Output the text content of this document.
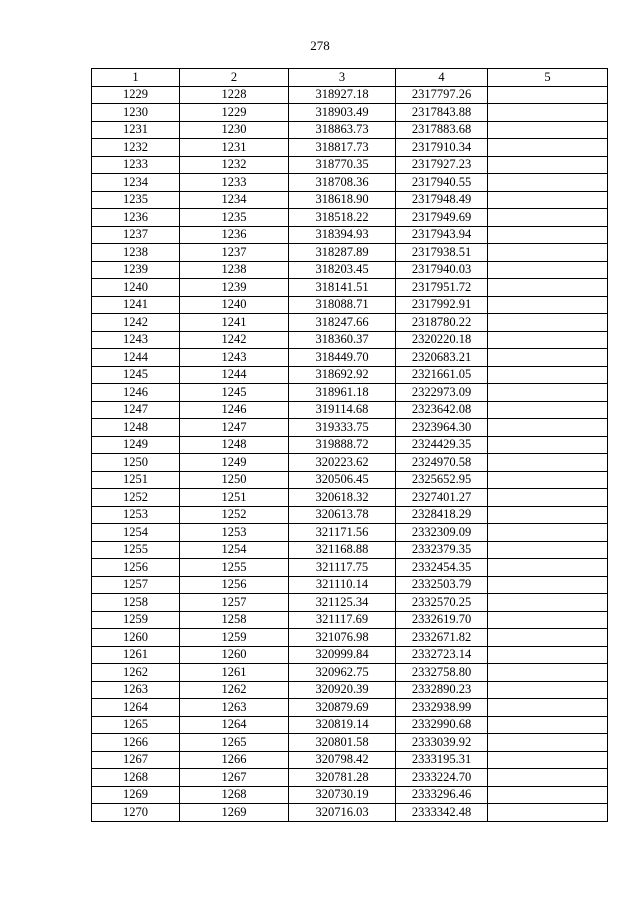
278
1	2	3	4	5
1229	1228	318927.18	2317797.26	
1230	1229	318903.49	2317843.88	
1231	1230	318863.73	2317883.68	
1232	1231	318817.73	2317910.34	
1233	1232	318770.35	2317927.23	
1234	1233	318708.36	2317940.55	
1235	1234	318618.90	2317948.49	
1236	1235	318518.22	2317949.69	
1237	1236	318394.93	2317943.94	
1238	1237	318287.89	2317938.51	
1239	1238	318203.45	2317940.03	
1240	1239	318141.51	2317951.72	
1241	1240	318088.71	2317992.91	
1242	1241	318247.66	2318780.22	
1243	1242	318360.37	2320220.18	
1244	1243	318449.70	2320683.21	
1245	1244	318692.92	2321661.05	
1246	1245	318961.18	2322973.09	
1247	1246	319114.68	2323642.08	
1248	1247	319333.75	2323964.30	
1249	1248	319888.72	2324429.35	
1250	1249	320223.62	2324970.58	
1251	1250	320506.45	2325652.95	
1252	1251	320618.32	2327401.27	
1253	1252	320613.78	2328418.29	
1254	1253	321171.56	2332309.09	
1255	1254	321168.88	2332379.35	
1256	1255	321117.75	2332454.35	
1257	1256	321110.14	2332503.79	
1258	1257	321125.34	2332570.25	
1259	1258	321117.69	2332619.70	
1260	1259	321076.98	2332671.82	
1261	1260	320999.84	2332723.14	
1262	1261	320962.75	2332758.80	
1263	1262	320920.39	2332890.23	
1264	1263	320879.69	2332938.99	
1265	1264	320819.14	2332990.68	
1266	1265	320801.58	2333039.92	
1267	1266	320798.42	2333195.31	
1268	1267	320781.28	2333224.70	
1269	1268	320730.19	2333296.46	
1270	1269	320716.03	2333342.48	
